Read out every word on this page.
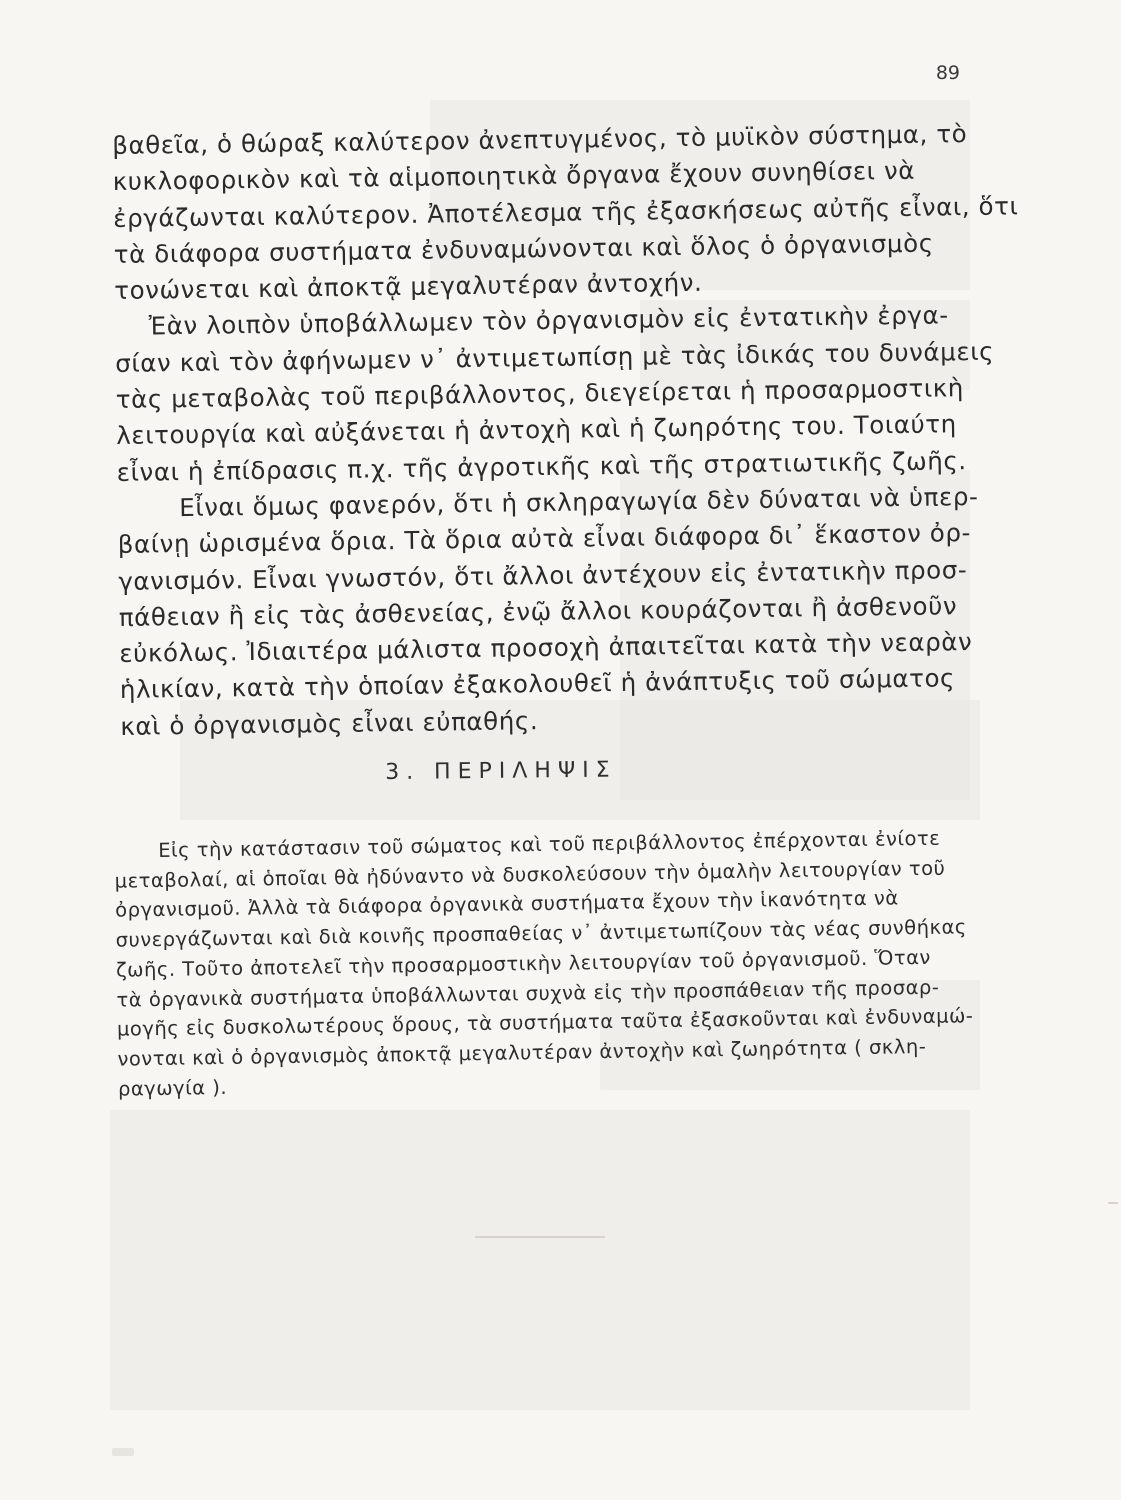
89
βαθεῖα, ὁ θώραξ καλύτερον ἀνεπτυγμένος, τὸ μυϊκὸν σύστημα, τὸ
κυκλοφορικὸν καὶ τὰ αἱμοποιητικὰ ὄργανα ἔχουν συνηθίσει νὰ
ἐργάζωνται καλύτερον. Ἀποτέλεσμα τῆς ἐξασκήσεως αὐτῆς εἶναι, ὅτι
τὰ διάφορα συστήματα ἐνδυναμώνονται καὶ ὅλος ὁ ὀργανισμὸς
τονώνεται καὶ ἀποκτᾷ μεγαλυτέραν ἀντοχήν.
Ἐὰν λοιπὸν ὑποβάλλωμεν τὸν ὀργανισμὸν εἰς ἐντατικὴν ἐργα-
σίαν καὶ τὸν ἀφήνωμεν ν᾽ ἀντιμετωπίσῃ μὲ τὰς ἰδικάς του δυνάμεις
τὰς μεταβολὰς τοῦ περιβάλλοντος, διεγείρεται ἡ προσαρμοστικὴ
λειτουργία καὶ αὐξάνεται ἡ ἀντοχὴ καὶ ἡ ζωηρότης του. Τοιαύτη
εἶναι ἡ ἐπίδρασις π.χ. τῆς ἀγροτικῆς καὶ τῆς στρατιωτικῆς ζωῆς.
Εἶναι ὅμως φανερόν, ὅτι ἡ σκληραγωγία δὲν δύναται νὰ ὑπερ-
βαίνῃ ὡρισμένα ὅρια. Τὰ ὅρια αὐτὰ εἶναι διάφορα δι᾽ ἕκαστον ὀρ-
γανισμόν. Εἶναι γνωστόν, ὅτι ἄλλοι ἀντέχουν εἰς ἐντατικὴν προσ-
πάθειαν ἢ εἰς τὰς ἀσθενείας, ἐνῷ ἄλλοι κουράζονται ἢ ἀσθενοῦν
εὐκόλως. Ἰδιαιτέρα μάλιστα προσοχὴ ἀπαιτεῖται κατὰ τὴν νεαρὰν
ἡλικίαν, κατὰ τὴν ὁποίαν ἐξακολουθεῖ ἡ ἀνάπτυξις τοῦ σώματος
καὶ ὁ ὀργανισμὸς εἶναι εὐπαθής.
3. ΠΕΡΙΛΗΨΙΣ
Εἰς τὴν κατάστασιν τοῦ σώματος καὶ τοῦ περιβάλλοντος ἐπέρχονται ἐνίοτε
μεταβολαί, αἱ ὁποῖαι θὰ ἠδύναντο νὰ δυσκολεύσουν τὴν ὁμαλὴν λειτουργίαν τοῦ
ὀργανισμοῦ. Ἀλλὰ τὰ διάφορα ὀργανικὰ συστήματα ἔχουν τὴν ἱκανότητα νὰ
συνεργάζωνται καὶ διὰ κοινῆς προσπαθείας ν᾽ ἀντιμετωπίζουν τὰς νέας συνθήκας
ζωῆς. Τοῦτο ἀποτελεῖ τὴν προσαρμοστικὴν λειτουργίαν τοῦ ὀργανισμοῦ. Ὅταν
τὰ ὀργανικὰ συστήματα ὑποβάλλωνται συχνὰ εἰς τὴν προσπάθειαν τῆς προσαρ-
μογῆς εἰς δυσκολωτέρους ὅρους, τὰ συστήματα ταῦτα ἐξασκοῦνται καὶ ἐνδυναμώ-
νονται καὶ ὁ ὀργανισμὸς ἀποκτᾷ μεγαλυτέραν ἀντοχὴν καὶ ζωηρότητα ( σκλη-
ραγωγία ).
